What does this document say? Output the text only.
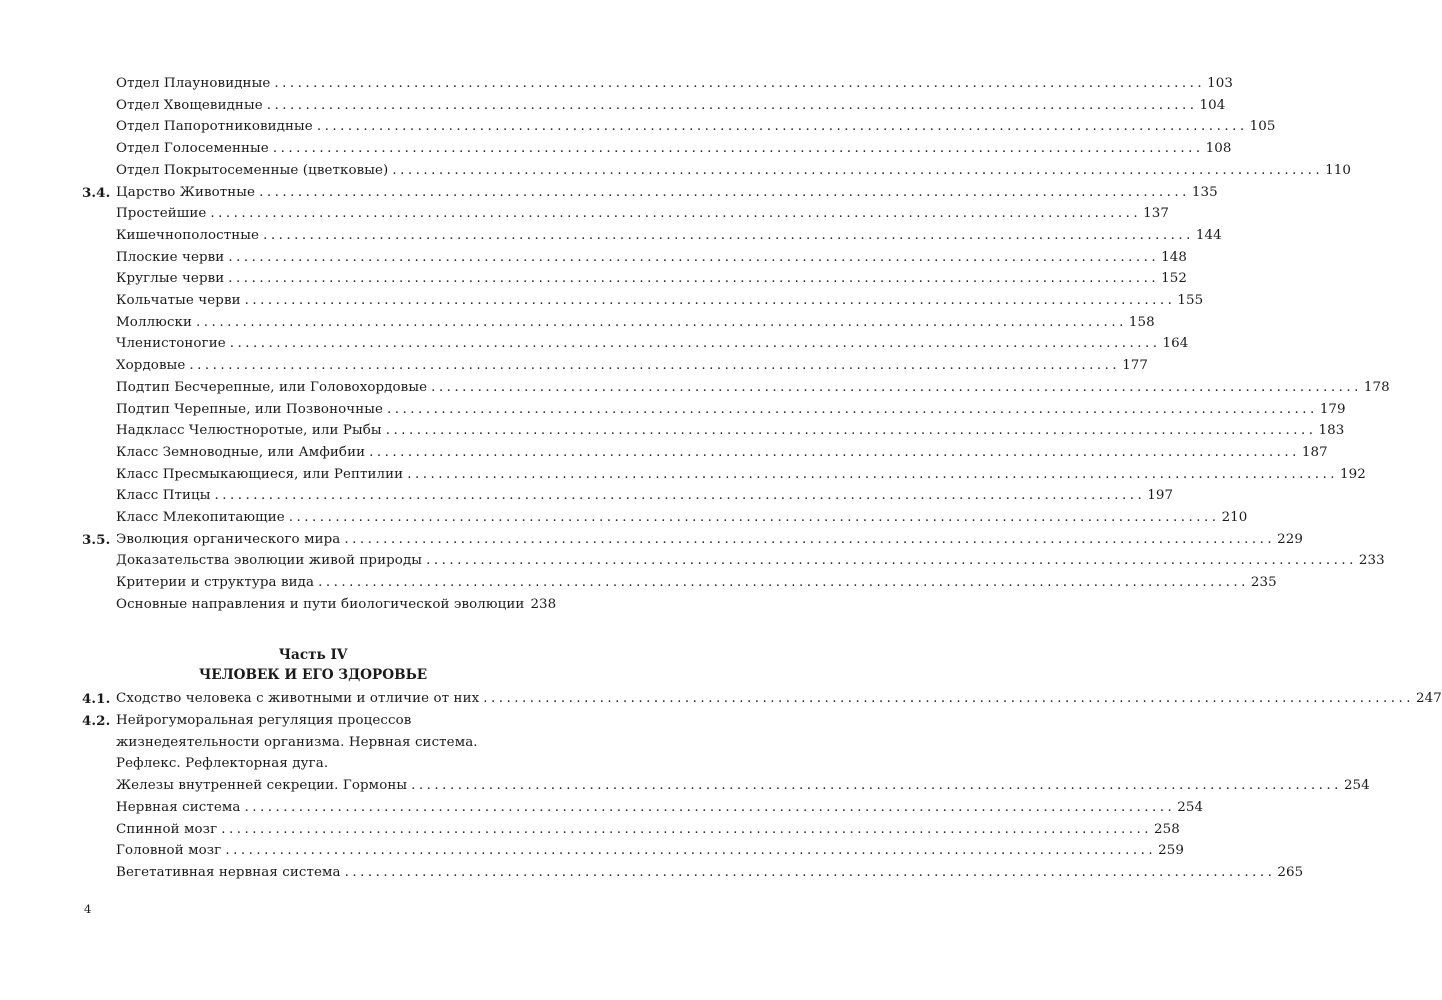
Отдел Плауновидные ........................................................................................................................ 103
Отдел Хвощевидные ........................................................................................................................ 104
Отдел Папоротниковидные ........................................................................................................................ 105
Отдел Голосеменные ........................................................................................................................ 108
Отдел Покрытосеменные (цветковые) ........................................................................................................................ 110
3.4. Царство Животные ........................................................................................................................ 135
Простейшие ........................................................................................................................ 137
Кишечнополостные ........................................................................................................................ 144
Плоские черви ........................................................................................................................ 148
Круглые черви ........................................................................................................................ 152
Кольчатые черви ........................................................................................................................ 155
Моллюски ........................................................................................................................ 158
Членистоногие ........................................................................................................................ 164
Хордовые ........................................................................................................................ 177
Подтип Бесчерепные, или Головохордовые ........................................................................................................................ 178
Подтип Черепные, или Позвоночные ........................................................................................................................ 179
Надкласс Челюстноротые, или Рыбы ........................................................................................................................ 183
Класс Земноводные, или Амфибии ........................................................................................................................ 187
Класс Пресмыкающиеся, или Рептилии ........................................................................................................................ 192
Класс Птицы ........................................................................................................................ 197
Класс Млекопитающие ........................................................................................................................ 210
3.5. Эволюция органического мира ........................................................................................................................ 229
Доказательства эволюции живой природы ........................................................................................................................ 233
Критерии и структура вида ........................................................................................................................ 235
Основные направления и пути биологической эволюции 238
Часть IV
ЧЕЛОВЕК И ЕГО ЗДОРОВЬЕ
4.1. Сходство человека с животными и отличие от них ........................................................................................................................ 247
4.2. Нейрогуморальная регуляция процессов
жизнедеятельности организма. Нервная система.
Рефлекс. Рефлекторная дуга.
Железы внутренней секреции. Гормоны ........................................................................................................................ 254
Нервная система ........................................................................................................................ 254
Спинной мозг ........................................................................................................................ 258
Головной мозг ........................................................................................................................ 259
Вегетативная нервная система ........................................................................................................................ 265
4
